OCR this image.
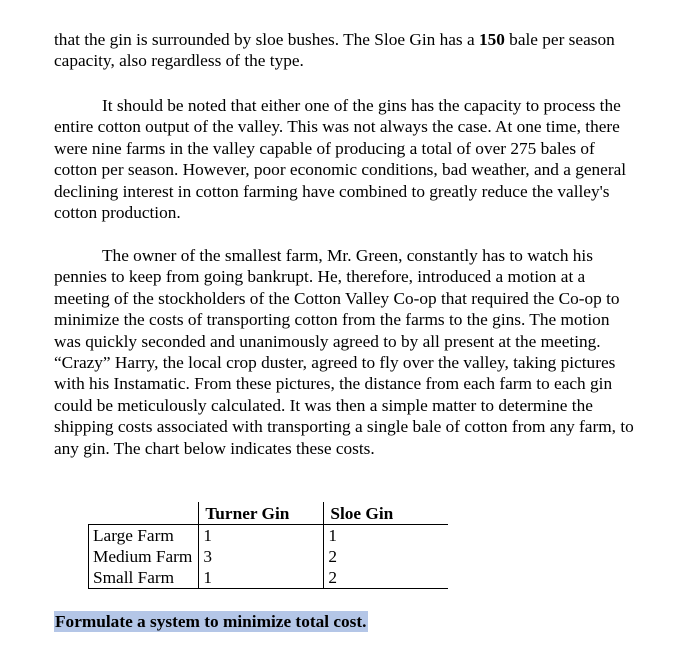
that the gin is surrounded by sloe bushes. The Sloe Gin has a 150 bale per season capacity, also regardless of the type.

It should be noted that either one of the gins has the capacity to process the entire cotton output of the valley. This was not always the case. At one time, there were nine farms in the valley capable of producing a total of over 275 bales of cotton per season. However, poor economic conditions, bad weather, and a general declining interest in cotton farming have combined to greatly reduce the valley's cotton production.

The owner of the smallest farm, Mr. Green, constantly has to watch his pennies to keep from going bankrupt. He, therefore, introduced a motion at a meeting of the stockholders of the Cotton Valley Co-op that required the Co-op to minimize the costs of transporting cotton from the farms to the gins. The motion was quickly seconded and unanimously agreed to by all present at the meeting. “Crazy” Harry, the local crop duster, agreed to fly over the valley, taking pictures with his Instamatic. From these pictures, the distance from each farm to each gin could be meticulously calculated. It was then a simple matter to determine the shipping costs associated with transporting a single bale of cotton from any farm, to any gin. The chart below indicates these costs.

	Turner Gin	Sloe Gin
Large Farm	1	1
Medium Farm	3	2
Small Farm	1	2
Formulate a system to minimize total cost.
